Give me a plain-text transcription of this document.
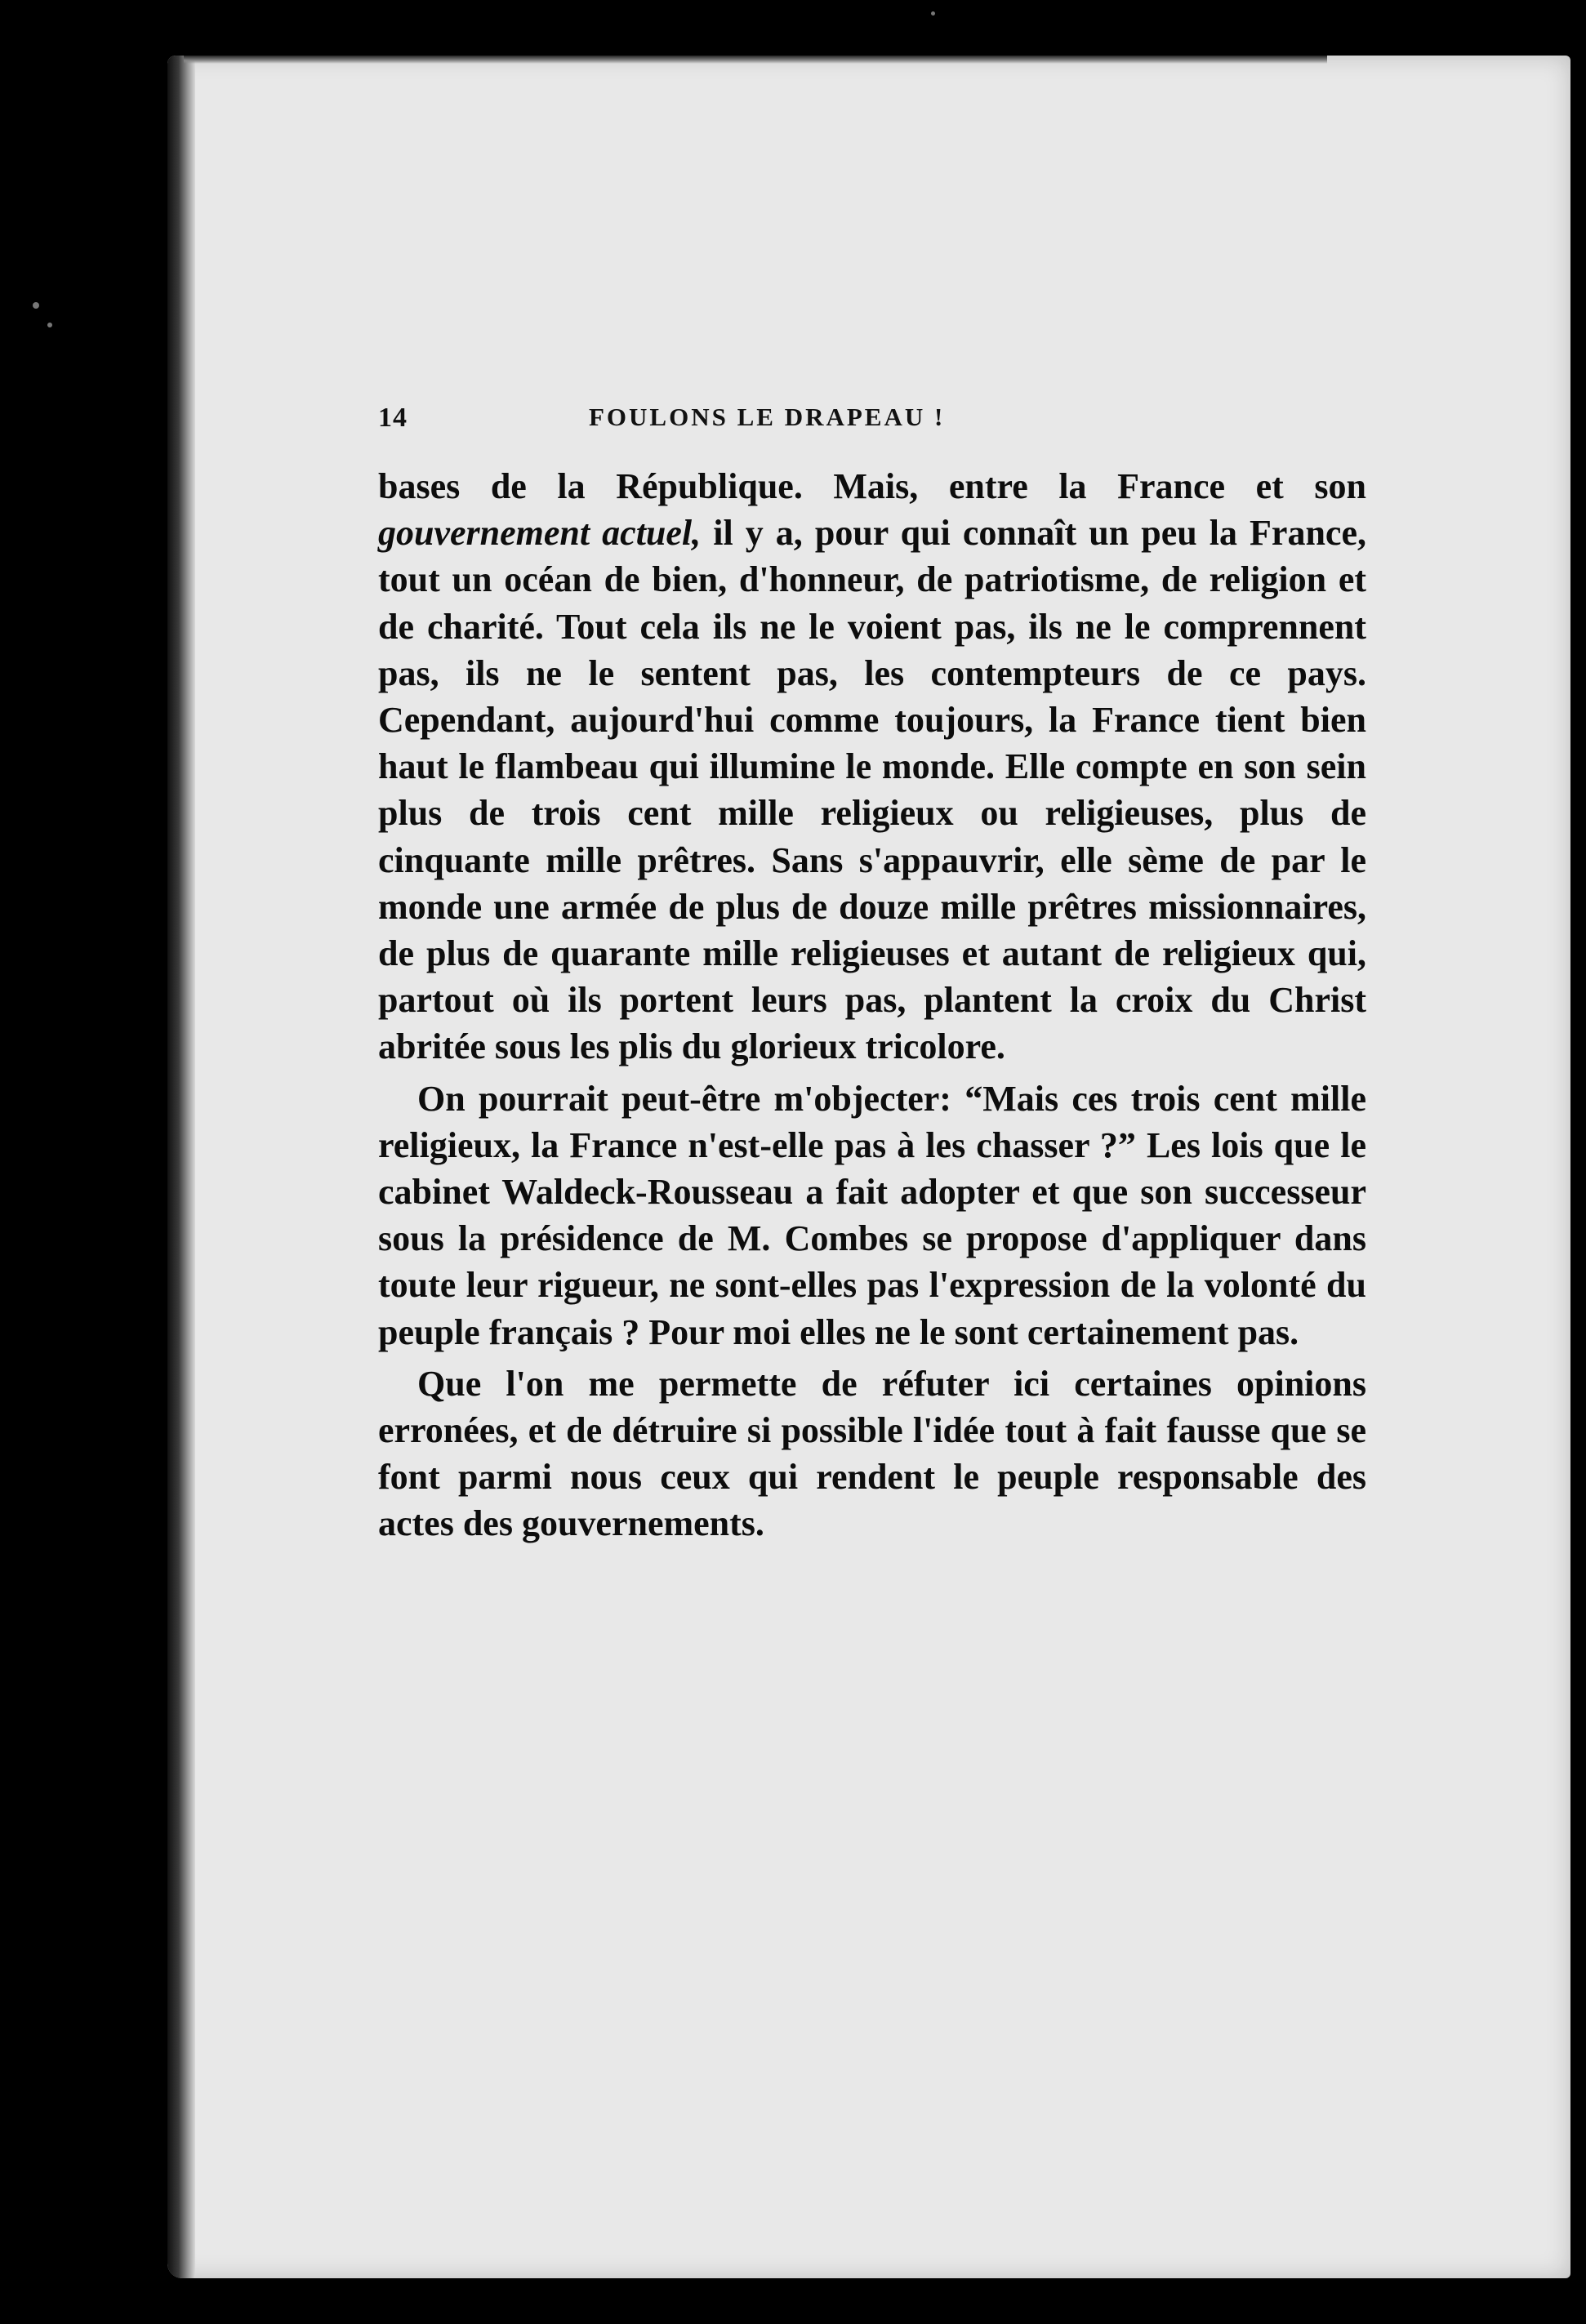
14	FOULONS LE DRAPEAU !

bases de la République. Mais, entre la France et son gouvernement actuel, il y a, pour qui connaît un peu la France, tout un océan de bien, d'honneur, de patriotisme, de religion et de charité. Tout cela ils ne le voient pas, ils ne le comprennent pas, ils ne le sentent pas, les contempteurs de ce pays. Cependant, aujourd'hui comme toujours, la France tient bien haut le flambeau qui illumine le monde. Elle compte en son sein plus de trois cent mille religieux ou religieuses, plus de cinquante mille prêtres. Sans s'appauvrir, elle sème de par le monde une armée de plus de douze mille prêtres missionnaires, de plus de quarante mille religieuses et autant de religieux qui, partout où ils portent leurs pas, plantent la croix du Christ abritée sous les plis du glorieux tricolore.

On pourrait peut-être m'objecter: “Mais ces trois cent mille religieux, la France n'est-elle pas à les chasser ?” Les lois que le cabinet Waldeck-Rousseau a fait adopter et que son successeur sous la présidence de M. Combes se propose d'appliquer dans toute leur rigueur, ne sont-elles pas l'expression de la volonté du peuple français ? Pour moi elles ne le sont certainement pas.

Que l'on me permette de réfuter ici certaines opinions erronées, et de détruire si possible l'idée tout à fait fausse que se font parmi nous ceux qui rendent le peuple responsable des actes des gouvernements.
